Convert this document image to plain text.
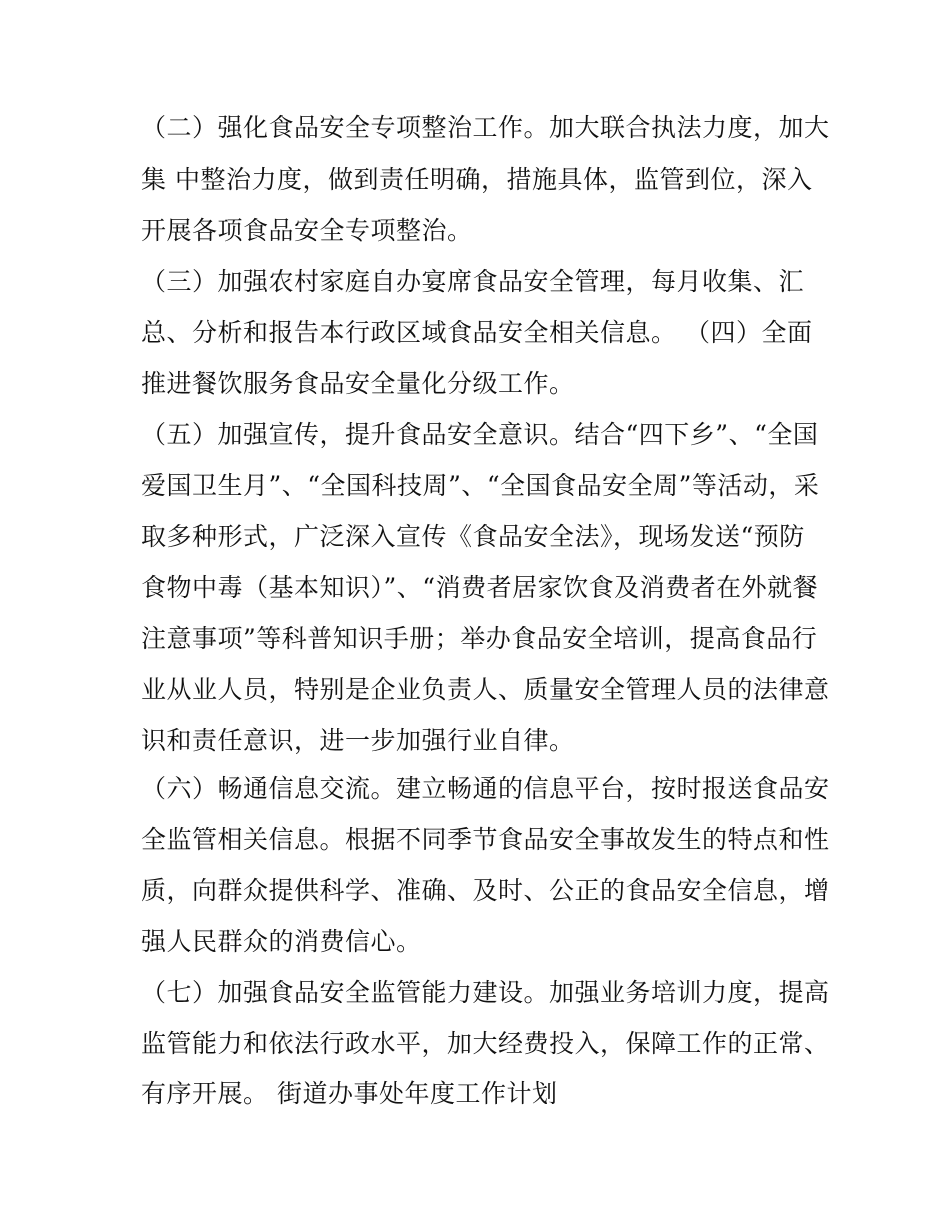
（二）强化食品安全专项整治工作。加大联合执法力度，加大
集 中整治力度，做到责任明确，措施具体，监管到位，深入
开展各项食品安全专项整治。
（三）加强农村家庭自办宴席食品安全管理，每月收集、汇
总、分析和报告本行政区域食品安全相关信息。 （四）全面
推进餐饮服务食品安全量化分级工作。
（五）加强宣传，提升食品安全意识。结合“四下乡”、“全国
爱国卫生月”、“全国科技周”、“全国食品安全周”等活动，采
取多种形式，广泛深入宣传《食品安全法》，现场发送“预防
食物中毒（基本知识）”、“消费者居家饮食及消费者在外就餐
注意事项”等科普知识手册；举办食品安全培训，提高食品行
业从业人员，特别是企业负责人、质量安全管理人员的法律意
识和责任意识，进一步加强行业自律。
（六）畅通信息交流。建立畅通的信息平台，按时报送食品安
全监管相关信息。根据不同季节食品安全事故发生的特点和性
质，向群众提供科学、准确、及时、公正的食品安全信息，增
强人民群众的消费信心。
（七）加强食品安全监管能力建设。加强业务培训力度，提高
监管能力和依法行政水平，加大经费投入，保障工作的正常、
有序开展。 街道办事处年度工作计划
